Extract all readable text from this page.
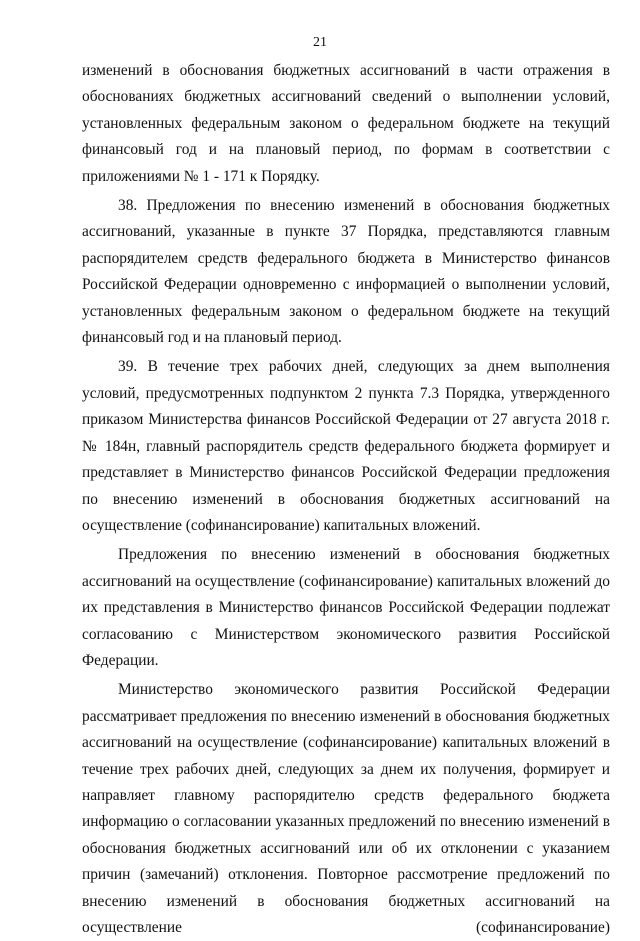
21

изменений в обоснования бюджетных ассигнований в части отражения в обоснованиях бюджетных ассигнований сведений о выполнении условий, установленных федеральным законом о федеральном бюджете на текущий финансовый год и на плановый период, по формам в соответствии с приложениями № 1 - 171 к Порядку.

38. Предложения по внесению изменений в обоснования бюджетных ассигнований, указанные в пункте 37 Порядка, представляются главным распорядителем средств федерального бюджета в Министерство финансов Российской Федерации одновременно с информацией о выполнении условий, установленных федеральным законом о федеральном бюджете на текущий финансовый год и на плановый период.

39. В течение трех рабочих дней, следующих за днем выполнения условий, предусмотренных подпунктом 2 пункта 7.3 Порядка, утвержденного приказом Министерства финансов Российской Федерации от 27 августа 2018 г. № 184н, главный распорядитель средств федерального бюджета формирует и представляет в Министерство финансов Российской Федерации предложения по внесению изменений в обоснования бюджетных ассигнований на осуществление (софинансирование) капитальных вложений.

Предложения по внесению изменений в обоснования бюджетных ассигнований на осуществление (софинансирование) капитальных вложений до их представления в Министерство финансов Российской Федерации подлежат согласованию с Министерством экономического развития Российской Федерации.

Министерство экономического развития Российской Федерации рассматривает предложения по внесению изменений в обоснования бюджетных ассигнований на осуществление (софинансирование) капитальных вложений в течение трех рабочих дней, следующих за днем их получения, формирует и направляет главному распорядителю средств федерального бюджета информацию о согласовании указанных предложений по внесению изменений в обоснования бюджетных ассигнований или об их отклонении с указанием причин (замечаний) отклонения. Повторное рассмотрение предложений по внесению изменений в обоснования бюджетных ассигнований на осуществление (софинансирование)
